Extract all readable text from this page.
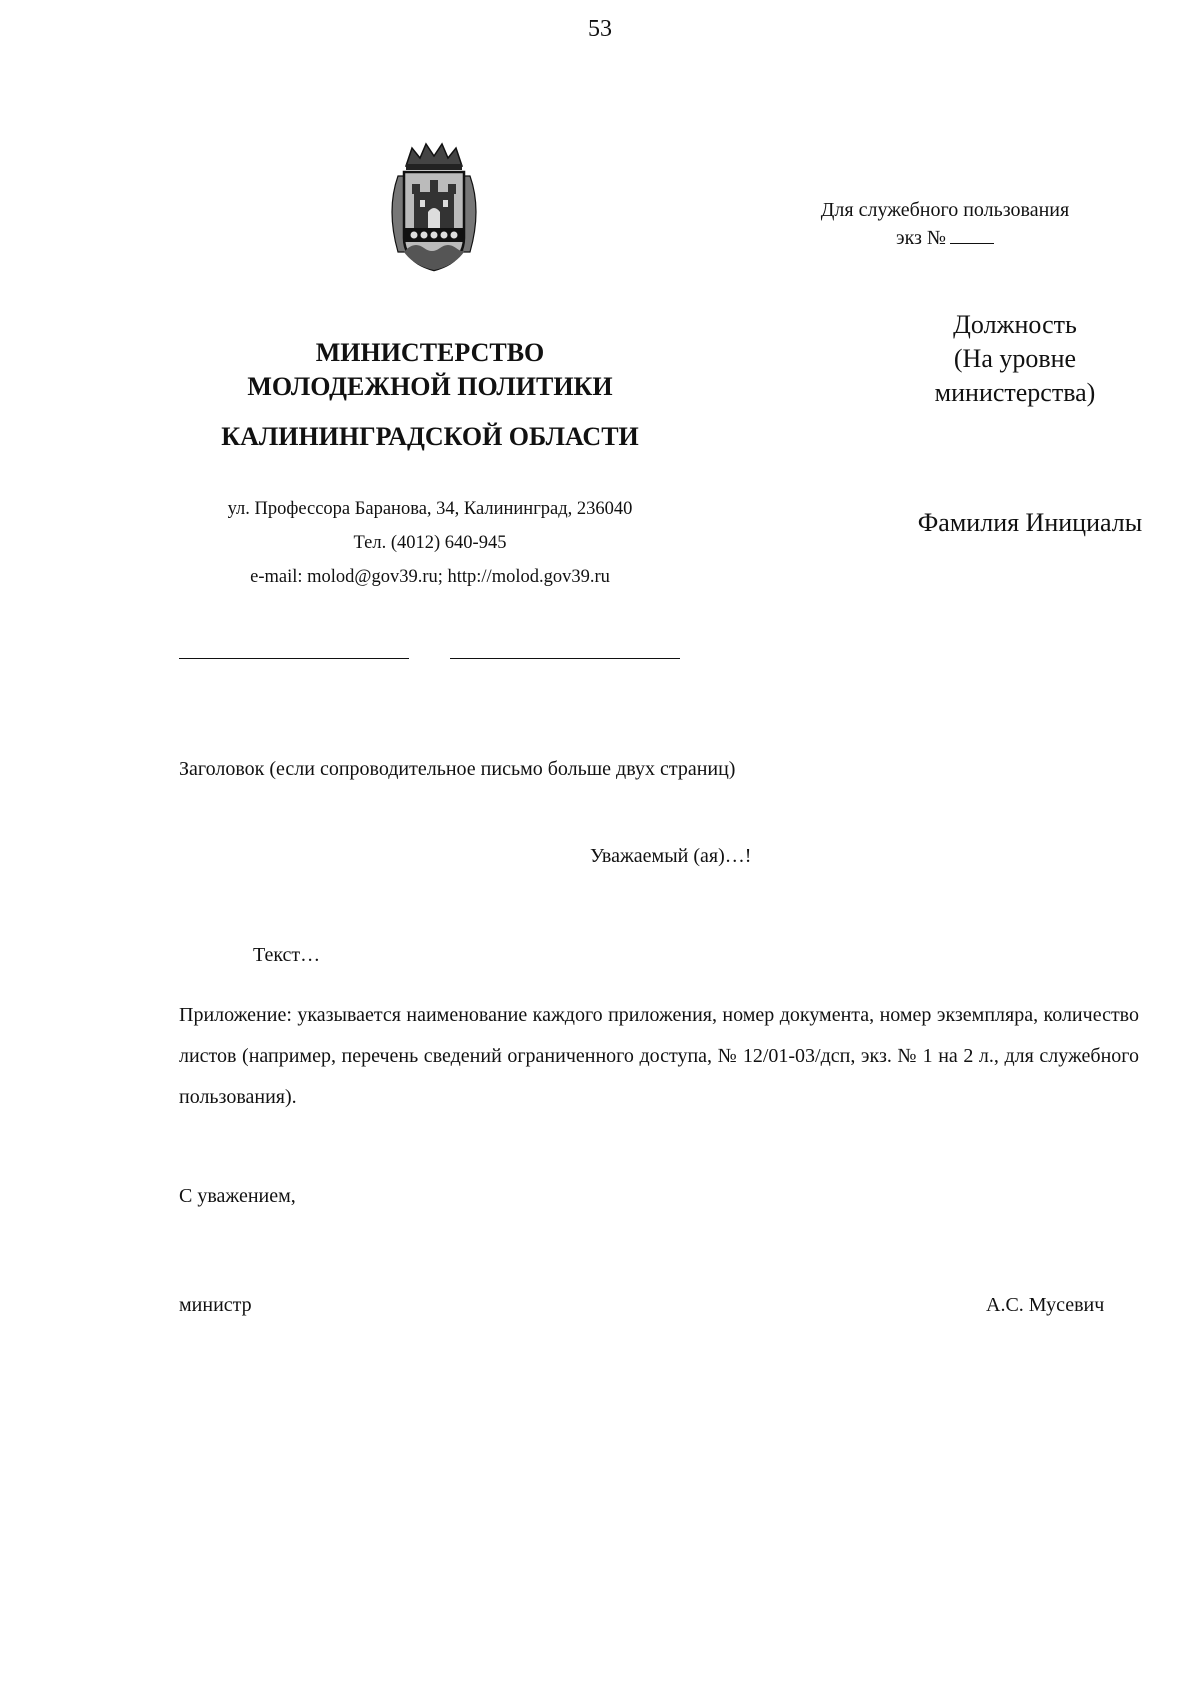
53
Для служебного пользования
экз №
Должность
(На уровне
министерства)
Фамилия Инициалы
МИНИСТЕРСТВО
МОЛОДЕЖНОЙ ПОЛИТИКИ
КАЛИНИНГРАДСКОЙ ОБЛАСТИ
ул. Профессора Баранова, 34, Калининград, 236040
Тел. (4012) 640-945
e-mail: molod@gov39.ru; http://molod.gov39.ru
Заголовок (если сопроводительное письмо больше двух страниц)
Уважаемый (ая)…!
Текст…
Приложение: указывается наименование каждого приложения, номер документа, номер экземпляра, количество листов (например, перечень сведений ограниченного доступа, № 12/01-03/дсп, экз. № 1 на 2 л., для служебного пользования).
С уважением,
министр	А.С. Мусевич
